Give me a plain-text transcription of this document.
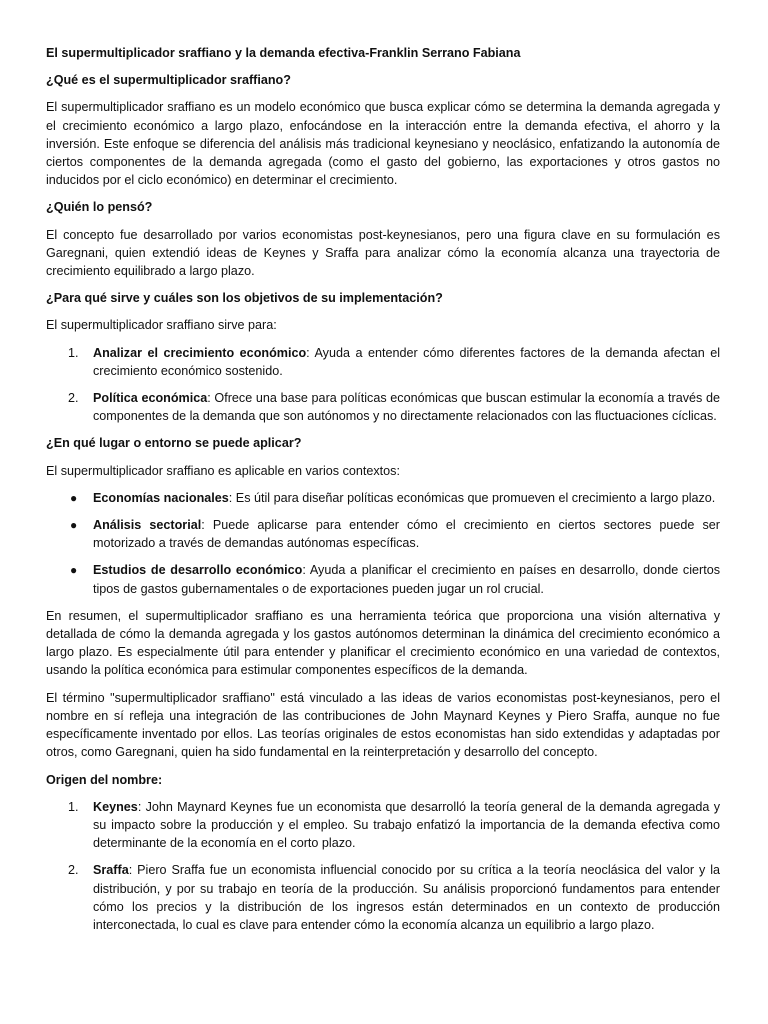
El supermultiplicador sraffiano y la demanda efectiva-Franklin Serrano Fabiana

¿Qué es el supermultiplicador sraffiano?

El supermultiplicador sraffiano es un modelo económico que busca explicar cómo se determina la demanda agregada y el crecimiento económico a largo plazo, enfocándose en la interacción entre la demanda efectiva, el ahorro y la inversión. Este enfoque se diferencia del análisis más tradicional keynesiano y neoclásico, enfatizando la autonomía de ciertos componentes de la demanda agregada (como el gasto del gobierno, las exportaciones y otros gastos no inducidos por el ciclo económico) en determinar el crecimiento.

¿Quién lo pensó?

El concepto fue desarrollado por varios economistas post-keynesianos, pero una figura clave en su formulación es Garegnani, quien extendió ideas de Keynes y Sraffa para analizar cómo la economía alcanza una trayectoria de crecimiento equilibrado a largo plazo.

¿Para qué sirve y cuáles son los objetivos de su implementación?

El supermultiplicador sraffiano sirve para:

1. Analizar el crecimiento económico: Ayuda a entender cómo diferentes factores de la demanda afectan el crecimiento económico sostenido.
2. Política económica: Ofrece una base para políticas económicas que buscan estimular la economía a través de componentes de la demanda que son autónomos y no directamente relacionados con las fluctuaciones cíclicas.

¿En qué lugar o entorno se puede aplicar?

El supermultiplicador sraffiano es aplicable en varios contextos:

● Economías nacionales: Es útil para diseñar políticas económicas que promueven el crecimiento a largo plazo.
● Análisis sectorial: Puede aplicarse para entender cómo el crecimiento en ciertos sectores puede ser motorizado a través de demandas autónomas específicas.
● Estudios de desarrollo económico: Ayuda a planificar el crecimiento en países en desarrollo, donde ciertos tipos de gastos gubernamentales o de exportaciones pueden jugar un rol crucial.

En resumen, el supermultiplicador sraffiano es una herramienta teórica que proporciona una visión alternativa y detallada de cómo la demanda agregada y los gastos autónomos determinan la dinámica del crecimiento económico a largo plazo. Es especialmente útil para entender y planificar el crecimiento económico en una variedad de contextos, usando la política económica para estimular componentes específicos de la demanda.

El término "supermultiplicador sraffiano" está vinculado a las ideas de varios economistas post-keynesianos, pero el nombre en sí refleja una integración de las contribuciones de John Maynard Keynes y Piero Sraffa, aunque no fue específicamente inventado por ellos. Las teorías originales de estos economistas han sido extendidas y adaptadas por otros, como Garegnani, quien ha sido fundamental en la reinterpretación y desarrollo del concepto.

Origen del nombre:

1. Keynes: John Maynard Keynes fue un economista que desarrolló la teoría general de la demanda agregada y su impacto sobre la producción y el empleo. Su trabajo enfatizó la importancia de la demanda efectiva como determinante de la economía en el corto plazo.
2. Sraffa: Piero Sraffa fue un economista influencial conocido por su crítica a la teoría neoclásica del valor y la distribución, y por su trabajo en teoría de la producción. Su análisis proporcionó fundamentos para entender cómo los precios y la distribución de los ingresos están determinados en un contexto de producción interconectada, lo cual es clave para entender cómo la economía alcanza un equilibrio a largo plazo.
